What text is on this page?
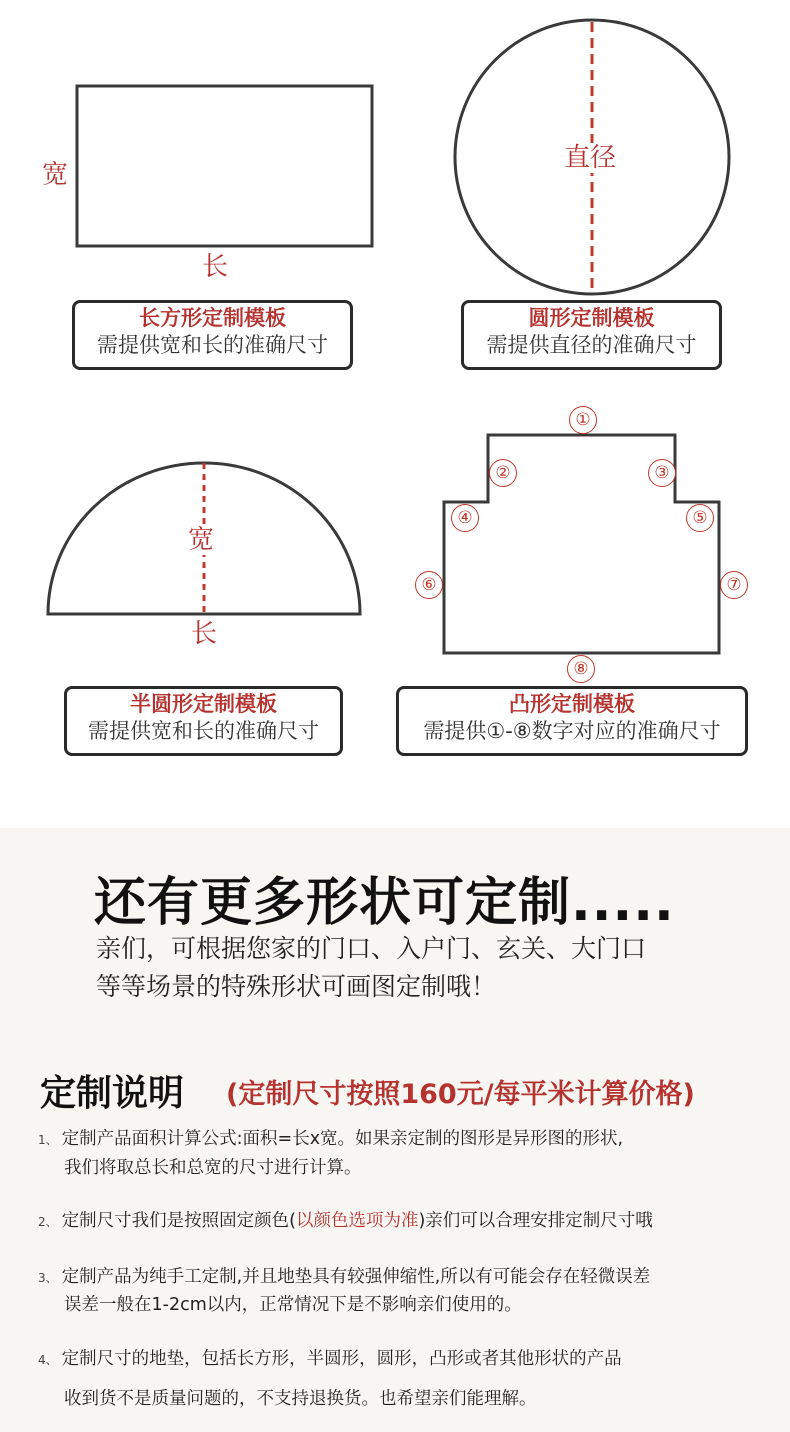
宽
长
长方形定制模板
需提供宽和长的准确尺寸
直径
圆形定制模板
需提供直径的准确尺寸
宽
长
半圆形定制模板
需提供宽和长的准确尺寸
①
②	③
④	⑤
⑥	⑦
⑧
凸形定制模板
需提供①-⑧数字对应的准确尺寸
还有更多形状可定制.....
亲们，可根据您家的门口、入户门、玄关、大门口
等等场景的特殊形状可画图定制哦！
定制说明 (定制尺寸按照160元/每平米计算价格)
1、 定制产品面积计算公式:面积=长x宽。如果亲定制的图形是异形图的形状,
我们将取总长和总宽的尺寸进行计算。
2、 定制尺寸我们是按照固定颜色(以颜色选项为准)亲们可以合理安排定制尺寸哦
3、 定制产品为纯手工定制,并且地垫具有较强伸缩性,所以有可能会存在轻微误差
误差一般在1-2cm以内，正常情况下是不影响亲们使用的。
4、 定制尺寸的地垫，包括长方形，半圆形，圆形，凸形或者其他形状的产品
收到货不是质量问题的，不支持退换货。也希望亲们能理解。
